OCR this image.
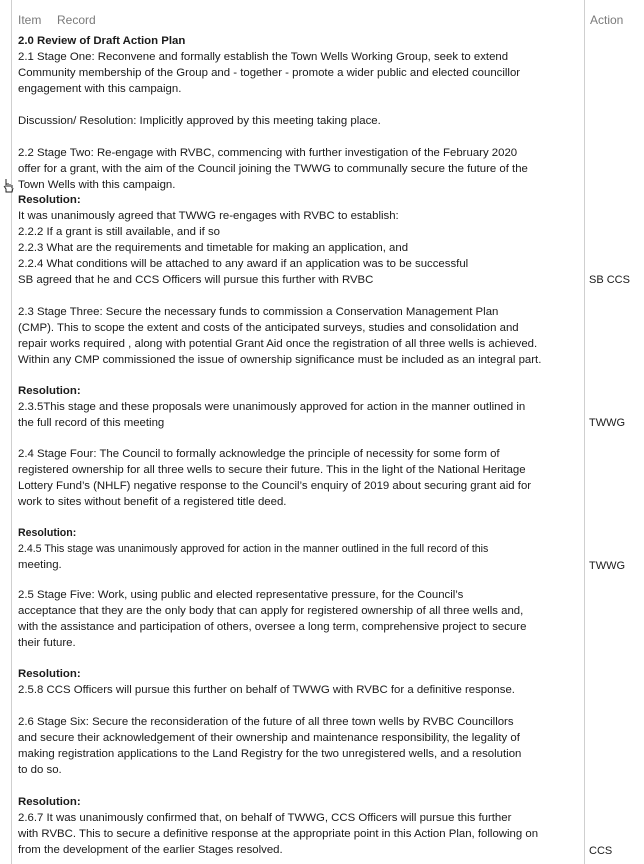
Item Record	Action
2.0 Review of Draft Action Plan
2.1 Stage One: Reconvene and formally establish the Town Wells Working Group, seek to extend
Community membership of the Group and - together - promote a wider public and elected councillor
engagement with this campaign.
Discussion/ Resolution: Implicitly approved by this meeting taking place.
2.2 Stage Two: Re-engage with RVBC, commencing with further investigation of the February 2020
offer for a grant, with the aim of the Council joining the TWWG to communally secure the future of the
Town Wells with this campaign.
Resolution:
It was unanimously agreed that TWWG re-engages with RVBC to establish:
2.2.2 If a grant is still available, and if so
2.2.3 What are the requirements and timetable for making an application, and
2.2.4 What conditions will be attached to any award if an application was to be successful
SB agreed that he and CCS Officers will pursue this further with RVBC
2.3 Stage Three: Secure the necessary funds to commission a Conservation Management Plan
(CMP). This to scope the extent and costs of the anticipated surveys, studies and consolidation and
repair works required , along with potential Grant Aid once the registration of all three wells is achieved.
Within any CMP commissioned the issue of ownership significance must be included as an integral part.
Resolution:
2.3.5This stage and these proposals were unanimously approved for action in the manner outlined in
the full record of this meeting
2.4 Stage Four: The Council to formally acknowledge the principle of necessity for some form of
registered ownership for all three wells to secure their future. This in the light of the National Heritage
Lottery Fund’s (NHLF) negative response to the Council’s enquiry of 2019 about securing grant aid for
work to sites without benefit of a registered title deed.
Resolution:
2.4.5 This stage was unanimously approved for action in the manner outlined in the full record of this
meeting.
2.5 Stage Five: Work, using public and elected representative pressure, for the Council’s
acceptance that they are the only body that can apply for registered ownership of all three wells and,
with the assistance and participation of others, oversee a long term, comprehensive project to secure
their future.
Resolution:
2.5.8 CCS Officers will pursue this further on behalf of TWWG with RVBC for a definitive response.
2.6 Stage Six: Secure the reconsideration of the future of all three town wells by RVBC Councillors
and secure their acknowledgement of their ownership and maintenance responsibility, the legality of
making registration applications to the Land Registry for the two unregistered wells, and a resolution
to do so.
Resolution:
2.6.7 It was unanimously confirmed that, on behalf of TWWG, CCS Officers will pursue this further
with RVBC. This to secure a definitive response at the appropriate point in this Action Plan, following on
from the development of the earlier Stages resolved.
SB CCS
TWWG
TWWG
CCS
